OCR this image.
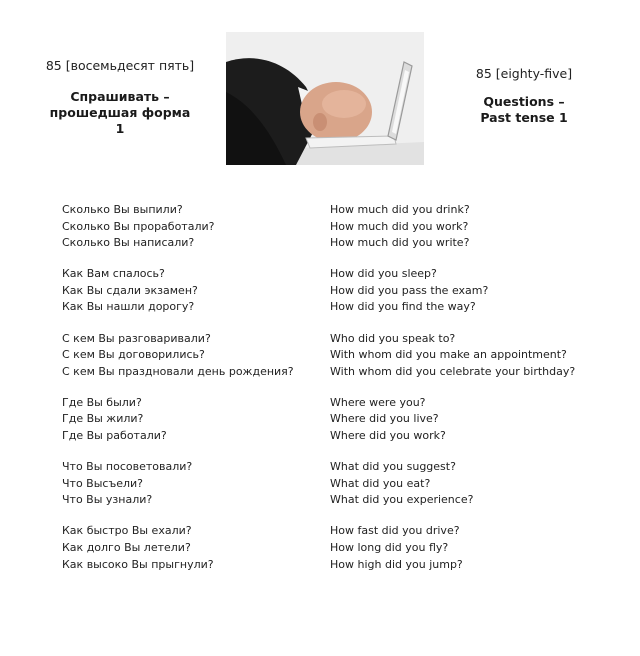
85 [восемьдесят пять]
Спрашивать –
прошедшая форма
1
85 [eighty-five]
Questions –
Past tense 1
Сколько Вы выпили?
Сколько Вы проработали?
Сколько Вы написали?
Как Вам спалось?
Как Вы сдали экзамен?
Как Вы нашли дорогу?
С кем Вы разговаривали?
С кем Вы договорились?
С кем Вы праздновали день рождения?
Где Вы были?
Где Вы жили?
Где Вы работали?
Что Вы посоветовали?
Что Высъели?
Что Вы узнали?
Как быстро Вы ехали?
Как долго Вы летели?
Как высоко Вы прыгнули?
How much did you drink?
How much did you work?
How much did you write?
How did you sleep?
How did you pass the exam?
How did you find the way?
Who did you speak to?
With whom did you make an appointment?
With whom did you celebrate your birthday?
Where were you?
Where did you live?
Where did you work?
What did you suggest?
What did you eat?
What did you experience?
How fast did you drive?
How long did you fly?
How high did you jump?
